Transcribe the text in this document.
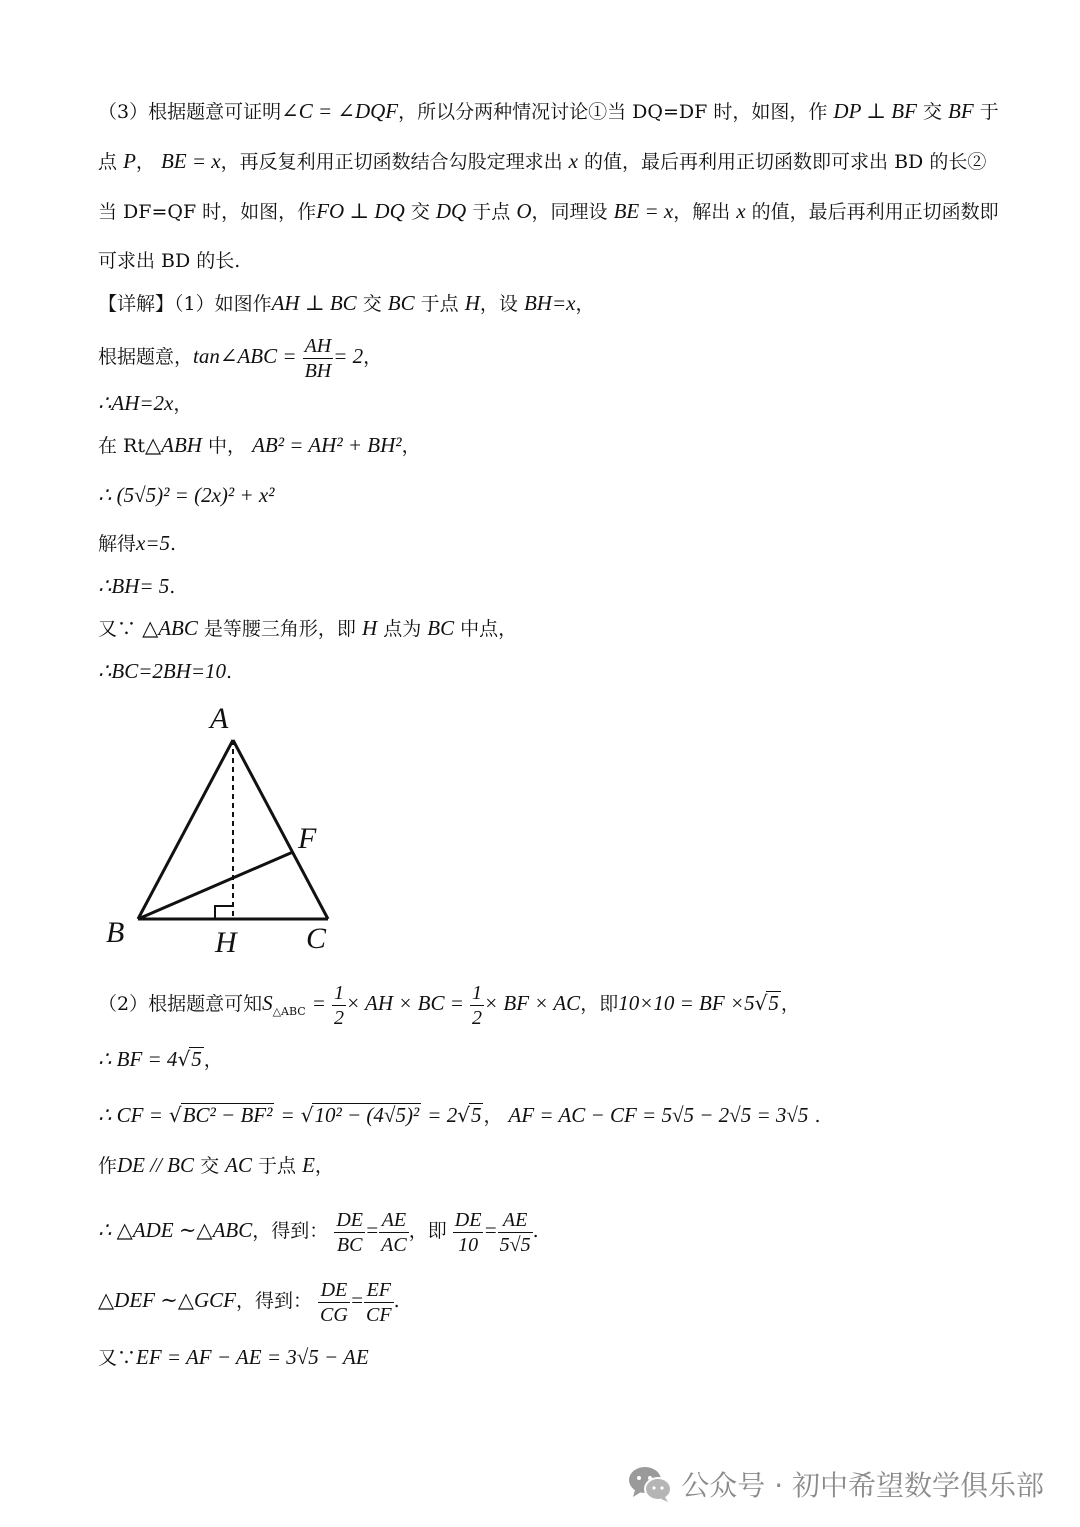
（3）根据题意可证明∠C = ∠DQF，所以分两种情况讨论①当 DQ=DF 时，如图，作 DP ⊥ BF 交 BF 于
点 P， BE = x，再反复利用正切函数结合勾股定理求出 x 的值，最后再利用正切函数即可求出 BD 的长②
当 DF=QF 时，如图，作FO ⊥ DQ 交 DQ 于点 O，同理设 BE = x，解出 x 的值，最后再利用正切函数即
可求出 BD 的长.
【详解】（1）如图作AH ⊥ BC 交 BC 于点 H，设 BH=x，
根据题意，tan∠ABC = $\frac{AH}{BH} = 2$，
∴AH=2x，
在 Rt△ABH 中， AB² = AH² + BH²，
∴ (5√5)² = (2x)² + x²
解得x=5.
∴BH= 5.
又∵ △ABC 是等腰三角形，即 H 点为 BC 中点，
∴BC=2BH=10.
A
B	C
F
H
（2）根据题意可知$S_{\triangle ABC} = \frac{1}{2}$ × AH × BC = $\frac{1}{2}$ × BF × AC，即10×10 = BF ×5√5 ，
∴ BF = 4√5 ，
∴ CF = √BC² − BF² = √10² − (4√5)² = 2√5 ， AF = AC − CF = 5√5 − 2√5 = 3√5 .
作DE // BC 交 AC 于点 E，
∴ △ADE ∼△ABC，得到： $\frac{DE}{BC} = \frac{AE}{AC}$ ，即 $\frac{DE}{10} = \frac{AE}{5√5}$ .
△DEF ∼△GCF，得到： $\frac{DE}{CG} = \frac{EF}{CF}$ .
又∵EF = AF − AE = 3√5 − AE
公众号 · 初中希望数学俱乐部
